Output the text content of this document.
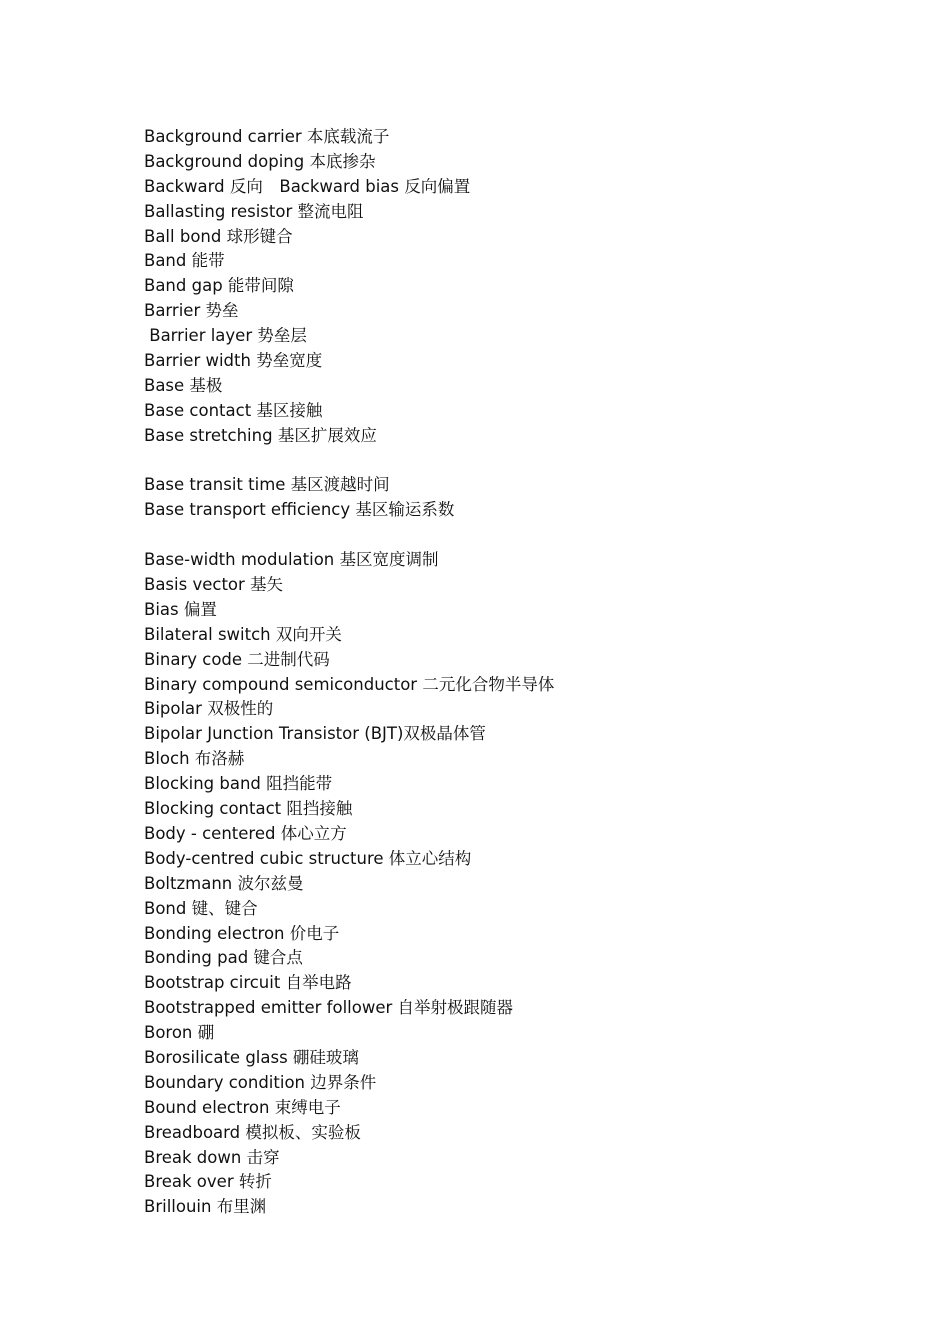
Background carrier 本底载流子
Background doping 本底掺杂
Backward 反向　Backward bias 反向偏置
Ballasting resistor 整流电阻
Ball bond 球形键合
Band 能带
Band gap 能带间隙
Barrier 势垒
Barrier layer 势垒层
Barrier width 势垒宽度
Base 基极
Base contact 基区接触
Base stretching 基区扩展效应
Base transit time 基区渡越时间
Base transport efficiency 基区输运系数
Base-width modulation 基区宽度调制
Basis vector 基矢
Bias 偏置
Bilateral switch 双向开关
Binary code 二进制代码
Binary compound semiconductor 二元化合物半导体
Bipolar 双极性的
Bipolar Junction Transistor (BJT)双极晶体管
Bloch 布洛赫
Blocking band 阻挡能带
Blocking contact 阻挡接触
Body - centered 体心立方
Body-centred cubic structure 体立心结构
Boltzmann 波尔兹曼
Bond 键、键合
Bonding electron 价电子
Bonding pad 键合点
Bootstrap circuit 自举电路
Bootstrapped emitter follower 自举射极跟随器
Boron 硼
Borosilicate glass 硼硅玻璃
Boundary condition 边界条件
Bound electron 束缚电子
Breadboard 模拟板、实验板
Break down 击穿
Break over 转折
Brillouin 布里渊
